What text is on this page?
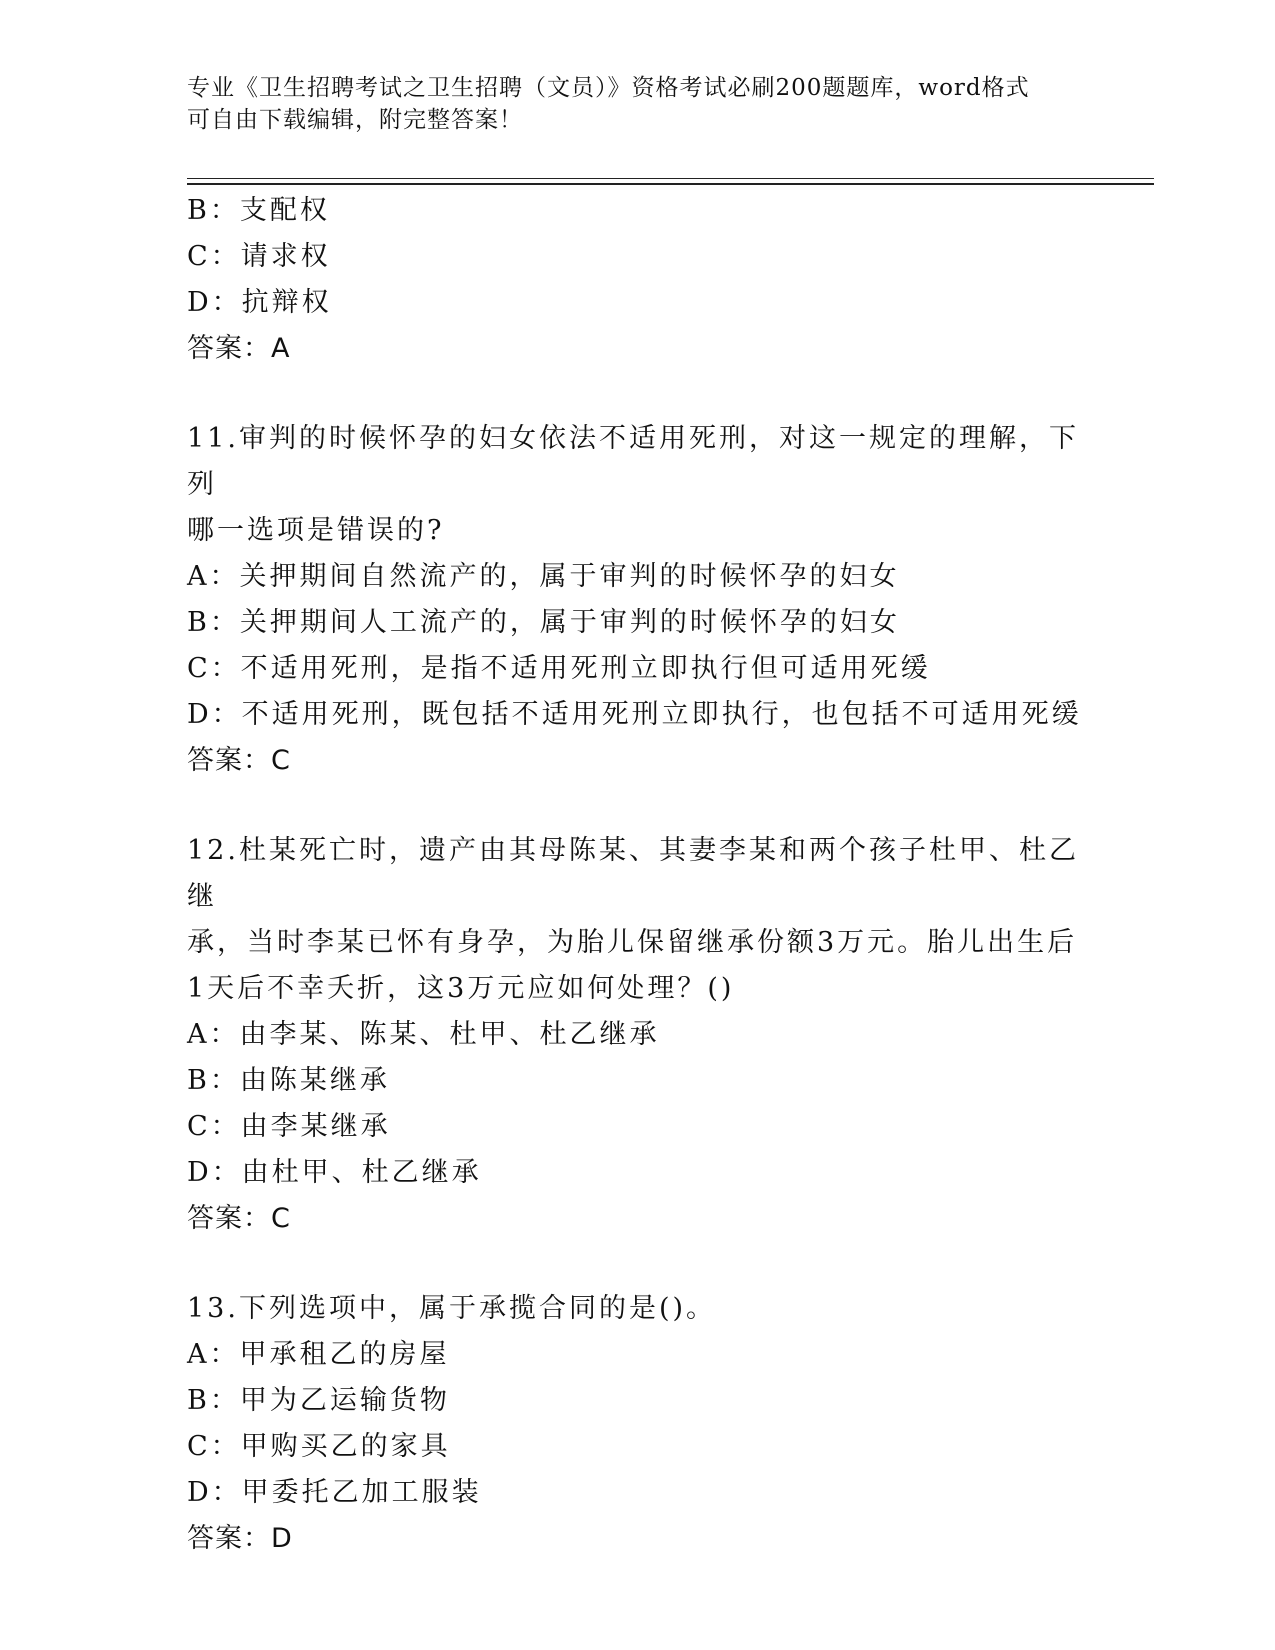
专业《卫生招聘考试之卫生招聘（文员）》资格考试必刷200题题库，word格式
可自由下载编辑，附完整答案！
B：支配权
C：请求权
D：抗辩权
答案：A
11.审判的时候怀孕的妇女依法不适用死刑，对这一规定的理解，下列
哪一选项是错误的?
A：关押期间自然流产的，属于审判的时候怀孕的妇女
B：关押期间人工流产的，属于审判的时候怀孕的妇女
C：不适用死刑，是指不适用死刑立即执行但可适用死缓
D：不适用死刑，既包括不适用死刑立即执行，也包括不可适用死缓
答案：C
12.杜某死亡时，遗产由其母陈某、其妻李某和两个孩子杜甲、杜乙继
承，当时李某已怀有身孕，为胎儿保留继承份额3万元。胎儿出生后
1天后不幸夭折，这3万元应如何处理？()
A：由李某、陈某、杜甲、杜乙继承
B：由陈某继承
C：由李某继承
D：由杜甲、杜乙继承
答案：C
13.下列选项中，属于承揽合同的是()。
A：甲承租乙的房屋
B：甲为乙运输货物
C：甲购买乙的家具
D：甲委托乙加工服装
答案：D
